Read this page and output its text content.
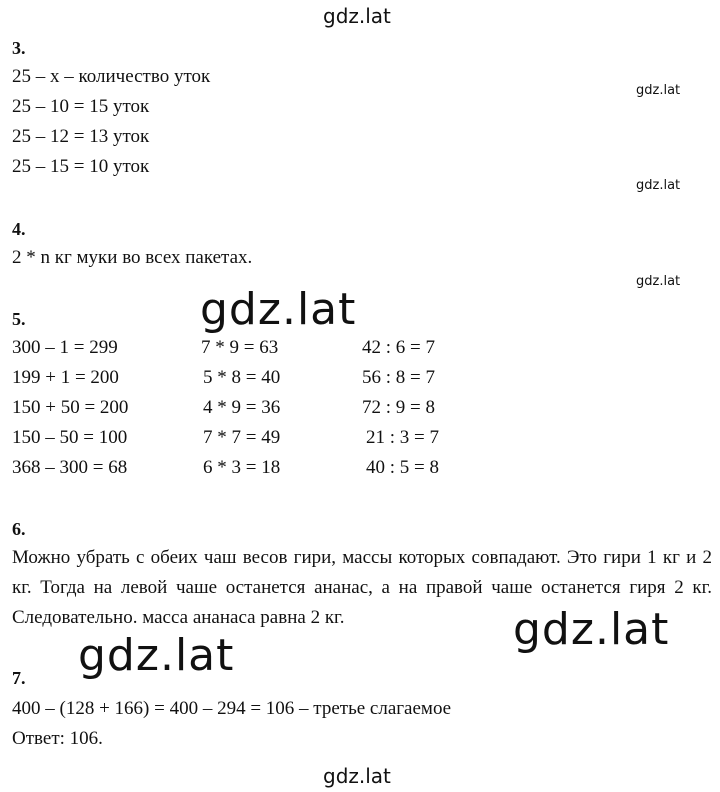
gdz.lat
gdz.lat
gdz.lat
gdz.lat
gdz.lat
gdz.lat
gdz.lat
gdz.lat
3.
25 – x – количество уток
25 – 10 = 15 уток
25 – 12 = 13 уток
25 – 15 = 10 уток
4.
2 * n кг муки во всех пакетах.
5.
300 – 1 = 299
199 + 1 = 200
150 + 50 = 200
150 – 50 = 100
368 – 300 = 68
7 * 9 = 63
5 * 8 = 40
4 * 9 = 36
7 * 7 = 49
6 * 3 = 18
42 : 6 = 7
56 : 8 = 7
72 : 9 = 8
21 : 3 = 7
40 : 5 = 8
6.
Можно убрать с обеих чаш весов гири, массы которых совпадают. Это гири 1 кг и 2 кг. Тогда на левой чаше останется ананас, а на правой чаше останется гиря 2 кг. Следовательно. масса ананаса равна 2 кг.
7.
400 – (128 + 166) = 400 – 294 = 106 – третье слагаемое
Ответ: 106.
